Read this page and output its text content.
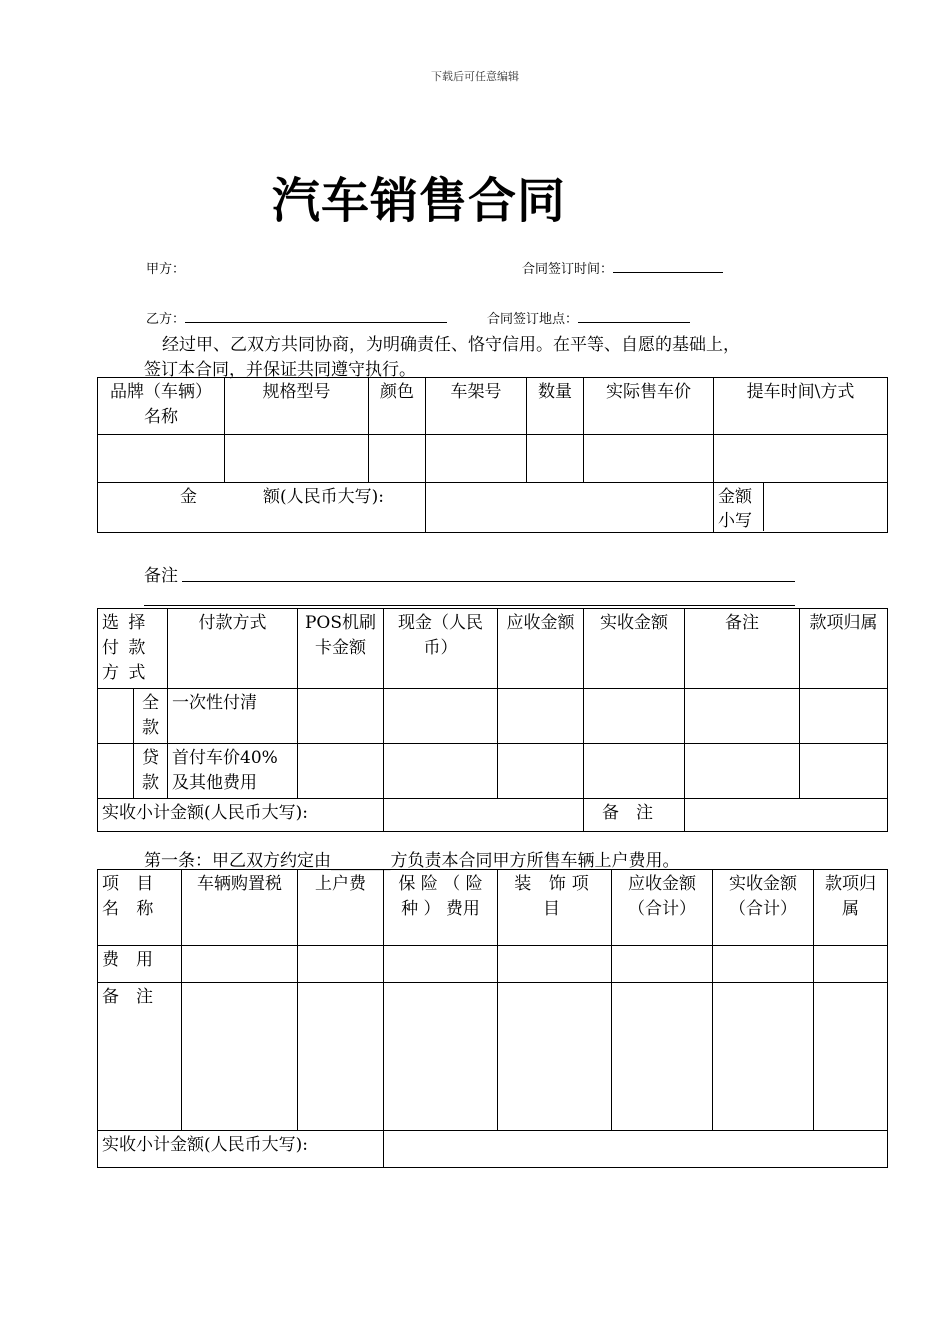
下载后可任意编辑
汽车销售合同
甲方：	合同签订时间：
乙方：	合同签订地点：
经过甲、乙双方共同协商，为明确责任、恪守信用。在平等、自愿的基础上，
签订本合同，并保证共同遵守执行。
品牌（车辆）名称	规格型号	颜色	车架号	数量	实际售车价	提车时间\方式

金 额(人民币大写):						金额小写
备注
选 择付 款方 式		付款方式	POS机刷卡金额	现金（人民币）	应收金额	实收金额	备注	款项归属
	全款	一次性付清						
	贷款	首付车价40%及其他费用						
实收小计金额(人民币大写):						备　注		
第一条：甲乙双方约定由_______方负责本合同甲方所售车辆上户费用。
项 目名 称	车辆购置税	上户费	保 险 （ 险 种 ） 费用	装 饰项 目	应收金额（合计）	实收金额（合计）	款项归属
费　用							
备　注							
实收小计金额(人民币大写):							
